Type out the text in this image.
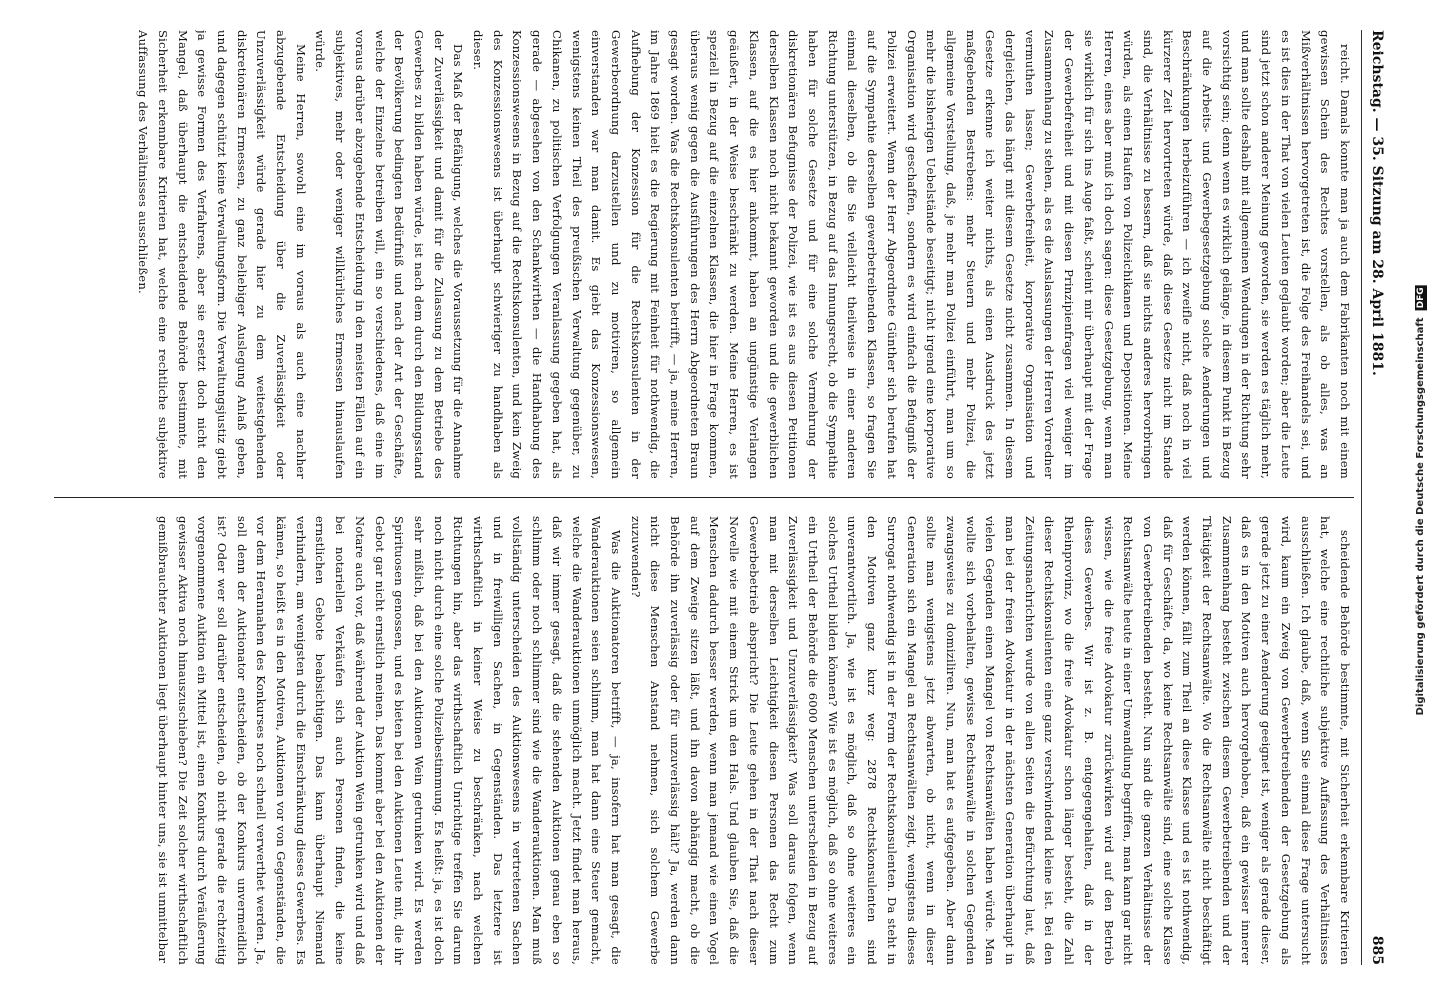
Reichstag. — 35. Sitzung am 28. April 1881.
885

reicht. Damals konnte man ja auch dem Fabrikanten noch mit einem gewissen Schein des Rechtes vorstellen, als ob alles, was an Mißverhältnissen hervorgetreten ist, die Folge des Freihandels sei, und es ist dies in der That von vielen Leuten geglaubt worden; aber die Leute sind jetzt schon anderer Meinung geworden, sie werden es täglich mehr, und man sollte deshalb mit allgemeinen Wendungen in der Richtung sehr vorsichtig sein; denn wenn es wirklich gelänge, in diesem Punkt in Bezug auf die Arbeits- und Gewerbegesetzgebung solche Aenderungen und Beschränkungen herbeizuführen — ich zweifle nicht, daß noch in viel kürzerer Zeit hervortreten würde, daß diese Gesetze nicht im Stande sind, die Verhältnisse zu bessern, daß sie nichts anderes hervorbringen würden, als einen Haufen von Polizeichikanen und Depositionen. Meine Herren, eines aber muß ich doch sagen: diese Gesetzgebung, wenn man sie wirklich für sich ins Auge faßt, scheint mir überhaupt mit der Frage der Gewerbefreiheit und mit diesen Prinzipienfragen viel weniger im Zusammenhang zu stehen, als es die Auslassungen der Herren Vorredner vermuthen lassen; Gewerbefreiheit, korporative Organisation und dergleichen, das hängt mit diesem Gesetze nicht zusammen. In diesem Gesetze erkenne ich weiter nichts, als einen Ausdruck des jetzt maßgebenden Bestrebens: mehr Steuern und mehr Polizei, die allgemeine Vorstellung, daß, je mehr man Polizei einführt, man um so mehr die bisherigen Uebelstände beseitigt; nicht irgend eine korporative Organisation wird geschaffen, sondern es wird einfach die Befugniß der Polizei erweitert. Wenn der Herr Abgeordnete Günther sich berufen hat auf die Sympathie derselben gewerbetreibenden Klassen, so fragen Sie einmal dieselben, ob die Sie vielleicht theilweise in einer anderen Richtung unterstützen, in Bezug auf das Innungsrecht, ob die Sympathie haben für solche Gesetze und für eine solche Vermehrung der diskretionären Befugnisse der Polizei, wie ist es aus diesen Petitionen derselben Klassen noch nicht bekannt geworden und die gewerblichen Klassen, auf die es hier ankommt, haben an ungünstige Verlangen geäußert, in der Weise beschränkt zu werden. Meine Herren, es ist speziell in Bezug auf die einzelnen Klassen, die hier in Frage kommen, überaus wenig gegen die Ausführungen des Herrn Abgeordneten Braun gesagt worden. Was die Rechtskonsulenten betrifft, — ja, meine Herren, im Jahre 1869 hielt es die Regierung mit Feinheit für nothwendig, die Aufhebung der Konzession für die Rechtskonsulenten in der Gewerbeordnung darzustellen und zu motiviren, so allgemein einverstanden war man damit. Es giebt das Konzessionswesen, wenigstens keinen Theil des preußischen Verwaltung gegenüber, zu Chikanen, zu politischen Verfolgungen Veranlassung gegeben hat, als gerade — abgesehen von den Schankwirthen — die Handhabung des Konzessionswesens in Bezug auf die Rechtskonsulenten, und kein Zweig des Konzessionswesens ist überhaupt schwieriger zu handhaben als dieser.

Das Maß der Befähigung, welches die Voraussetzung für die Annahme der Zuverlässigkeit und damit für die Zulassung zu dem Betriebe des Gewerbes zu bilden haben würde, ist nach dem durch den Bildungsstand der Bevölkerung bedingten Bedürfniß und nach der Art der Geschäfte, welche der Einzelne betreiben will, ein so verschiedenes, daß eine im voraus darüber abzugebende Entscheidung in den meisten Fällen auf ein subjektives, mehr oder weniger willkürliches Ermessen hinauslaufen würde.

Meine Herren, sowohl eine im voraus als auch eine nachher abzugebende Entscheidung über die Zuverlässigkeit oder Unzuverlässigkeit würde gerade hier zu dem weitestgehenden diskretionären Ermessen, zu ganz beliebiger Auslegung Anlaß geben, und dagegen schützt keine Verwaltungsform. Die Verwaltungsjustiz giebt ja gewisse Formen des Verfahrens, aber sie ersetzt doch nicht den Mangel, daß überhaupt die entscheidende Behörde bestimmte, mit Sicherheit erkennbare Kriterien hat, welche eine rechtliche subjektive Auffassung des Verhältnisses ausschließen.

scheidende Behörde bestimmte, mit Sicherheit erkennbare Kriterien hat, welche eine rechtliche subjektive Auffassung des Verhältnisses ausschließen. Ich glaube, daß, wenn Sie einmal diese Frage untersucht wird, kaum ein Zweig von Gewerbetreibenden der Gesetzgebung als gerade jetzt zu einer Aenderung geeignet ist, weniger als gerade dieser, daß es in den Motiven auch hervorgehoben, daß ein gewisser innerer Zusammenhang besteht zwischen diesem Gewerbetreibenden und der Thätigkeit der Rechtsanwälte. Wo die Rechtsanwälte nicht beschäftigt werden können, fällt zum Theil an diese Klasse und es ist nothwendig, daß für Geschäfte, da, wo keine Rechtsanwälte sind, eine solche Klasse von Gewerbetreibenden besteht. Nun sind die ganzen Verhältnisse der Rechtsanwälte heute in einer Umwandlung begriffen, man kann gar nicht wissen, wie die freie Advokatur zurückwirken wird auf den Betrieb dieses Gewerbes. Wir ist z. B. entgegengehalten, daß in der Rheinprovinz, wo die freie Advokatur schon länger besteht, die Zahl dieser Rechtskonsulenten eine ganz verschwindend kleine ist. Bei den Zeitungsnachrichten wurde von allen Seiten die Befürchtung laut, daß man bei der freien Advokatur in der nächsten Generation überhaupt in vielen Gegenden einen Mangel von Rechtsanwälten haben würde. Man wollte sich vorbehalten, gewisse Rechtsanwälte in solchen Gegenden zwangsweise zu domiziliren. Nun, man hat es aufgegeben. Aber dann sollte man wenigstens jetzt abwarten, ob nicht, wenn in dieser Generation sich ein Mangel an Rechtsanwälten zeigt, wenigstens dieses Surrogat nothwendig ist in der Form der Rechtskonsulenten. Da steht in den Motiven ganz kurz weg: 2878 Rechtskonsulenten sind unverantwortlich. Ja, wie ist es möglich, daß so ohne weiteres ein solches Urtheil bilden können? Wie ist es möglich, daß so ohne weiteres ein Urtheil der Behörde die 6000 Menschen unterscheiden in Bezug auf Zuverlässigkeit und Unzuverlässigkeit? Was soll daraus folgen, wenn man mit derselben Leichtigkeit diesen Personen das Recht zum Gewerbebetrieb abspricht? Die Leute gehen in der That nach dieser Novelle wie mit einem Strick um den Hals. Und glauben Sie, daß die Menschen dadurch besser werden, wenn man jemand wie einen Vogel auf dem Zweige sitzen läßt, und ihn davon abhängig macht, ob die Behörde ihn zuverlässig oder für unzuverlässig hält? Ja, werden dann nicht diese Menschen Anstand nehmen, sich solchem Gewerbe zuzuwenden?

Was die Auktionatoren betrifft, — ja, insofern hat man gesagt, die Wanderauktionen seien schlimm, man hat dann eine Steuer gemacht, welche die Wanderauktionen unmöglich macht. Jetzt findet man heraus, daß wir immer gesagt, daß die stehenden Auktionen genau eben so schlimm oder noch schlimmer sind wie die Wanderauktionen. Man muß vollständig unterscheiden des Auktionswesens in vertretenen Sachen und in freiwilligen Sachen, in Gegenständen. Das letztere ist wirthschaftlich in keiner Weise zu beschränken, nach welchen Richtungen hin, aber das wirthschaftlich Unrichtige treffen Sie darum noch nicht durch eine solche Polizeibestimmung. Es heißt: ja, es ist doch sehr mißlich, daß bei den Auktionen Wein getrunken wird. Es werden Spirituosen genossen, und es bieten bei den Auktionen Leute mit, die ihr Gebot gar nicht ernstlich meinen. Das kommt aber bei den Auktionen der Notare auch vor, daß während der Auktion Wein getrunken wird und daß bei notariellen Verkäufen sich auch Personen finden, die keine ernstlichen Gebote beabsichtigen. Das kann überhaupt Niemand verhindern, am wenigsten durch die Einschränkung dieses Gewerbes. Es kämen, so heißt es in den Motiven, Auktionen vor von Gegenständen, die vor dem Herannahen des Konkurses noch schnell verwerthet werden. Ja, soll denn der Auktionator entscheiden, ob der Konkurs unvermeidlich ist? Oder wer soll darüber entscheiden, ob nicht gerade die rechtzeitig vorgenommene Auktion ein Mittel ist, einen Konkurs durch Veräußerung gewisser Aktiva noch hinauszuschieben? Die Zeit solcher wirthschaftlich gemißbrauchter Auktionen liegt überhaupt hinter uns, sie ist unmittelbar	Digitalisierung gefördert durch die Deutsche Forschungsgemeinschaft DFG
